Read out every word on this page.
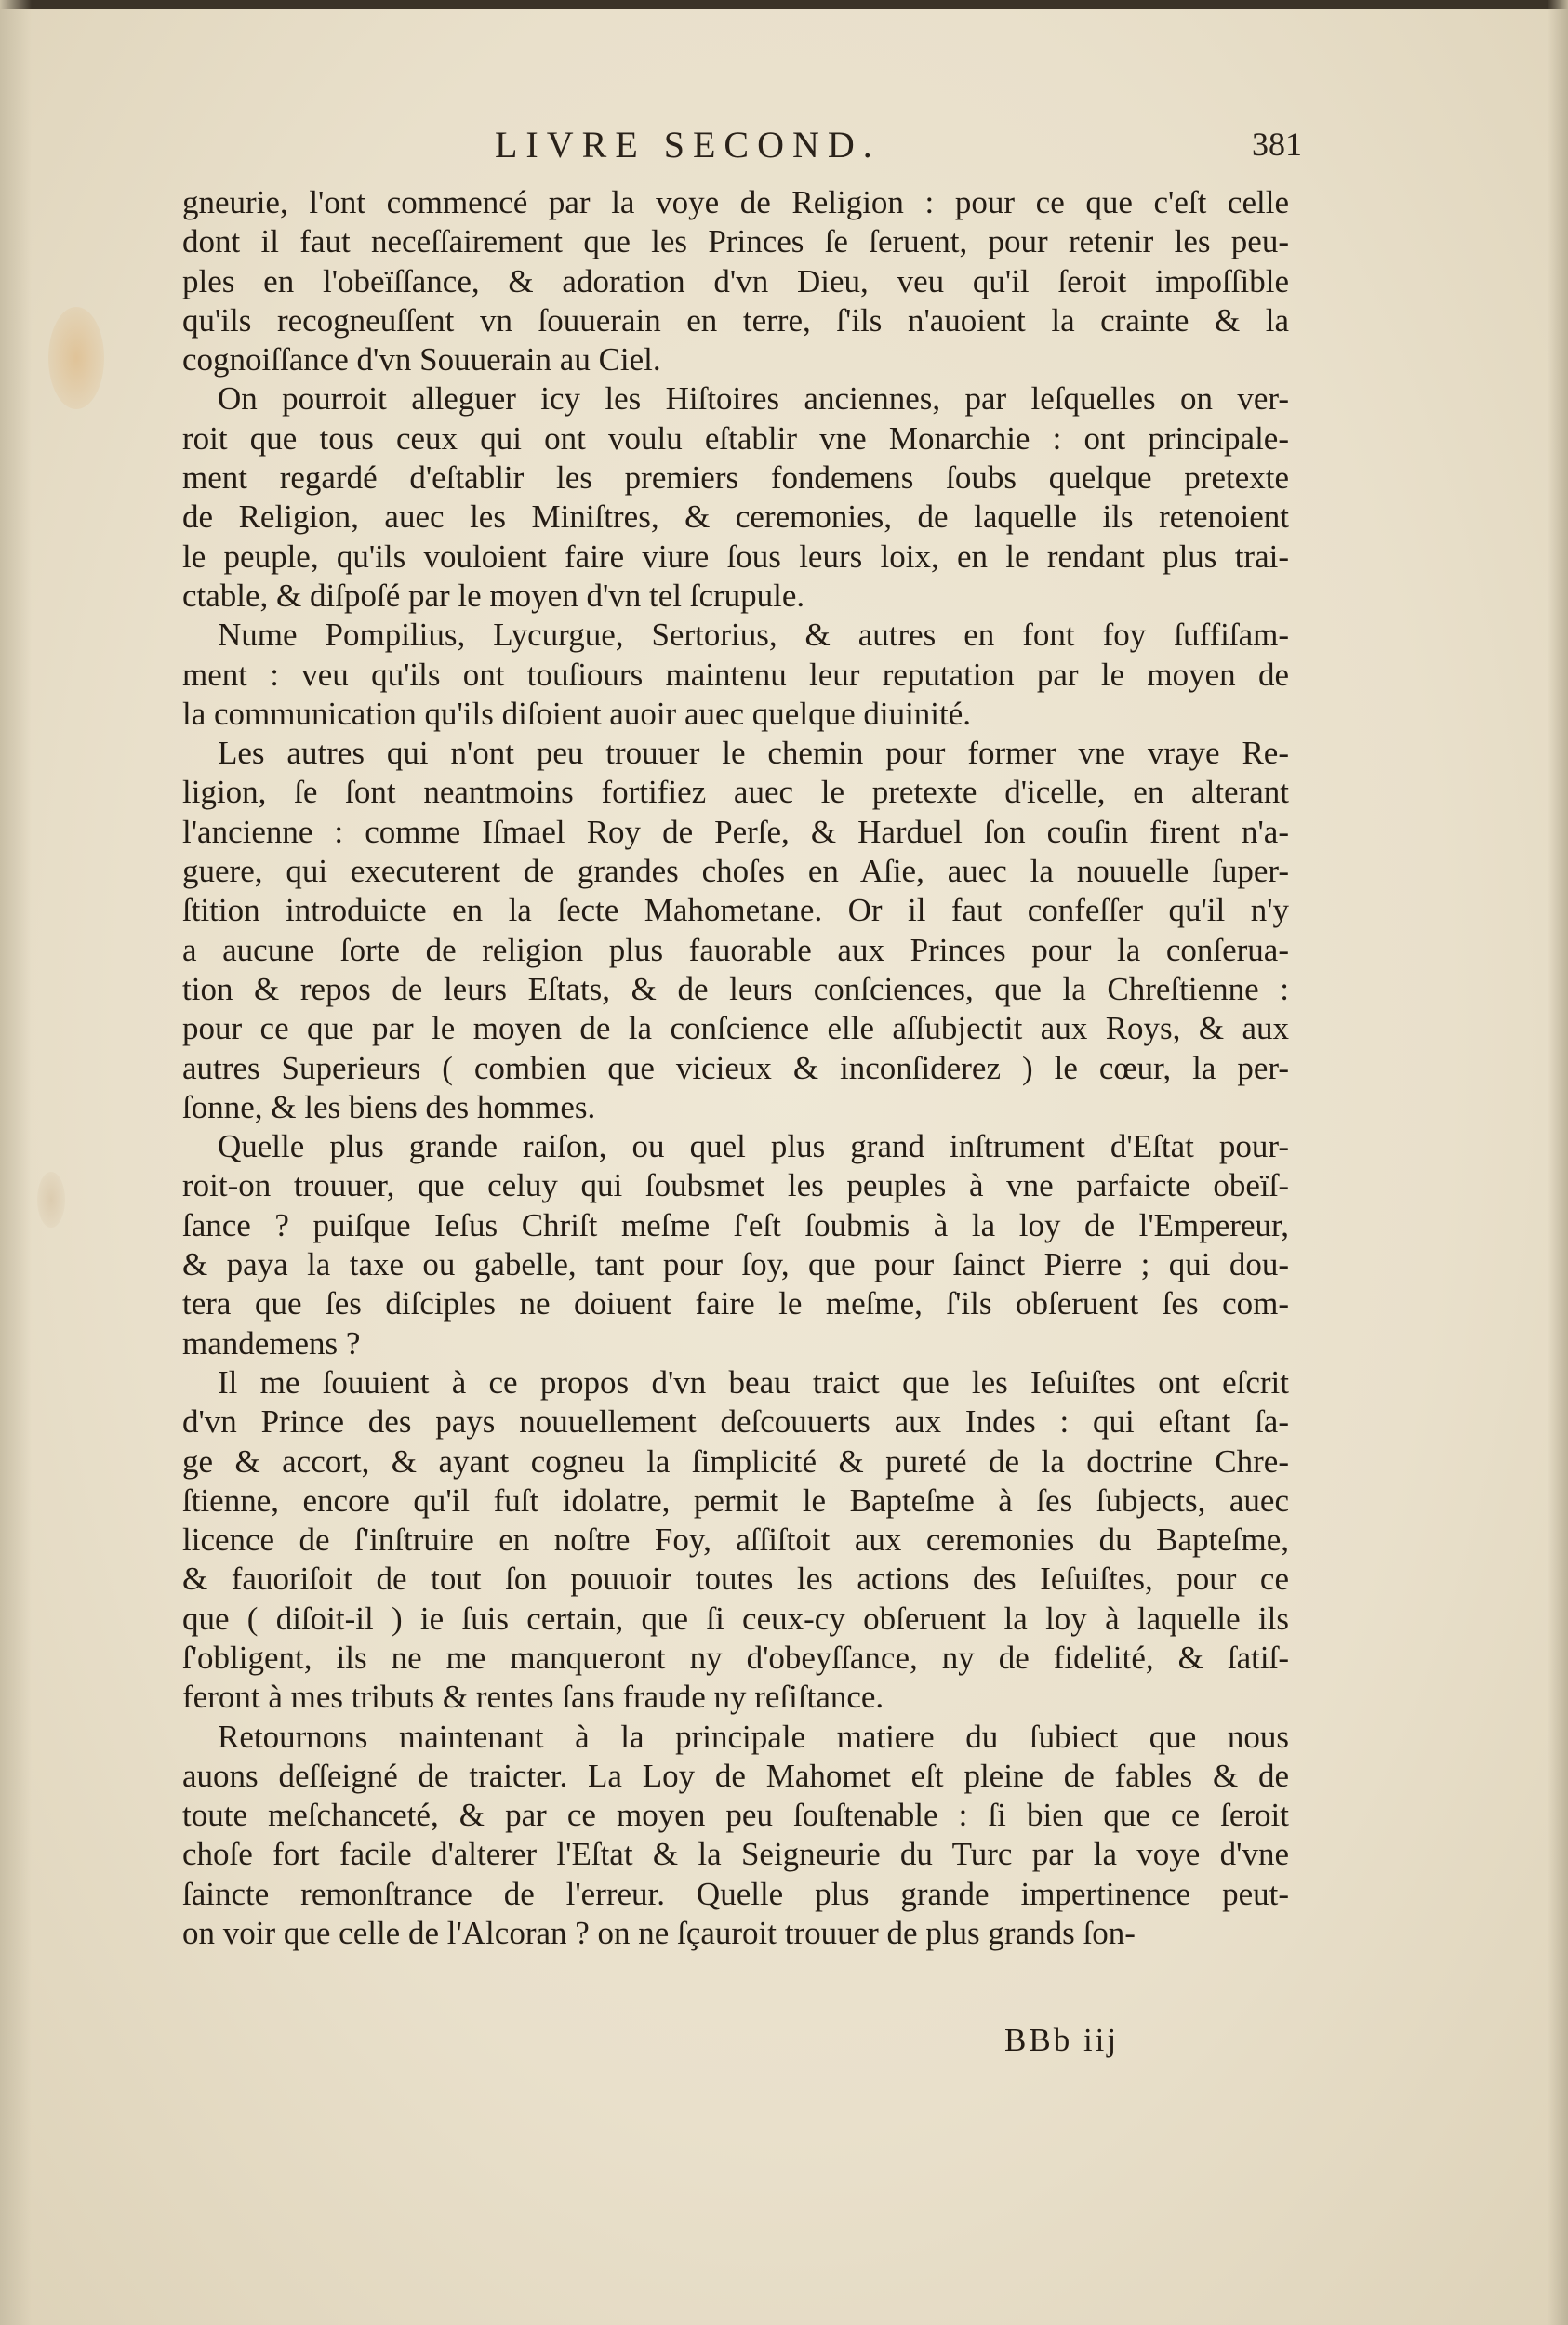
LIVRE SECOND.	381
gneurie, l'ont commencé par la voye de Religion : pour ce que c'eſt celle
dont il faut neceſſairement que les Princes ſe ſeruent, pour retenir les peu-
ples en l'obeïſſance, & adoration d'vn Dieu, veu qu'il ſeroit impoſſible
qu'ils recogneuſſent vn ſouuerain en terre, ſ'ils n'auoient la crainte & la
cognoiſſance d'vn Souuerain au Ciel.
On pourroit alleguer icy les Hiſtoires anciennes, par leſquelles on ver-
roit que tous ceux qui ont voulu eſtablir vne Monarchie : ont principale-
ment regardé d'eſtablir les premiers fondemens ſoubs quelque pretexte
de Religion, auec les Miniſtres, & ceremonies, de laquelle ils retenoient
le peuple, qu'ils vouloient faire viure ſous leurs loix, en le rendant plus trai-
ctable, & diſpoſé par le moyen d'vn tel ſcrupule.
Nume Pompilius, Lycurgue, Sertorius, & autres en font foy ſuffiſam-
ment : veu qu'ils ont touſiours maintenu leur reputation par le moyen de
la communication qu'ils diſoient auoir auec quelque diuinité.
Les autres qui n'ont peu trouuer le chemin pour former vne vraye Re-
ligion, ſe ſont neantmoins fortifiez auec le pretexte d'icelle, en alterant
l'ancienne : comme Iſmael Roy de Perſe, & Harduel ſon couſin firent n'a-
guere, qui executerent de grandes choſes en Aſie, auec la nouuelle ſuper-
ſtition introduicte en la ſecte Mahometane. Or il faut confeſſer qu'il n'y
a aucune ſorte de religion plus fauorable aux Princes pour la conſerua-
tion & repos de leurs Eſtats, & de leurs conſciences, que la Chreſtienne :
pour ce que par le moyen de la conſcience elle aſſubjectit aux Roys, & aux
autres Superieurs ( combien que vicieux & inconſiderez ) le cœur, la per-
ſonne, & les biens des hommes.
Quelle plus grande raiſon, ou quel plus grand inſtrument d'Eſtat pour-
roit-on trouuer, que celuy qui ſoubsmet les peuples à vne parfaicte obeïſ-
ſance ? puiſque Ieſus Chriſt meſme ſ'eſt ſoubmis à la loy de l'Empereur,
& paya la taxe ou gabelle, tant pour ſoy, que pour ſainct Pierre ; qui dou-
tera que ſes diſciples ne doiuent faire le meſme, ſ'ils obſeruent ſes com-
mandemens ?
Il me ſouuient à ce propos d'vn beau traict que les Ieſuiſtes ont eſcrit
d'vn Prince des pays nouuellement deſcouuerts aux Indes : qui eſtant ſa-
ge & accort, & ayant cogneu la ſimplicité & pureté de la doctrine Chre-
ſtienne, encore qu'il fuſt idolatre, permit le Bapteſme à ſes ſubjects, auec
licence de ſ'inſtruire en noſtre Foy, aſſiſtoit aux ceremonies du Bapteſme,
& fauoriſoit de tout ſon pouuoir toutes les actions des Ieſuiſtes, pour ce
que ( diſoit-il ) ie ſuis certain, que ſi ceux-cy obſeruent la loy à laquelle ils
ſ'obligent, ils ne me manqueront ny d'obeyſſance, ny de fidelité, & ſatiſ-
feront à mes tributs & rentes ſans fraude ny reſiſtance.
Retournons maintenant à la principale matiere du ſubiect que nous
auons deſſeigné de traicter. La Loy de Mahomet eſt pleine de fables & de
toute meſchanceté, & par ce moyen peu ſouſtenable : ſi bien que ce ſeroit
choſe fort facile d'alterer l'Eſtat & la Seigneurie du Turc par la voye d'vne
ſaincte remonſtrance de l'erreur. Quelle plus grande impertinence peut-
on voir que celle de l'Alcoran ? on ne ſçauroit trouuer de plus grands ſon-
BBb iij
